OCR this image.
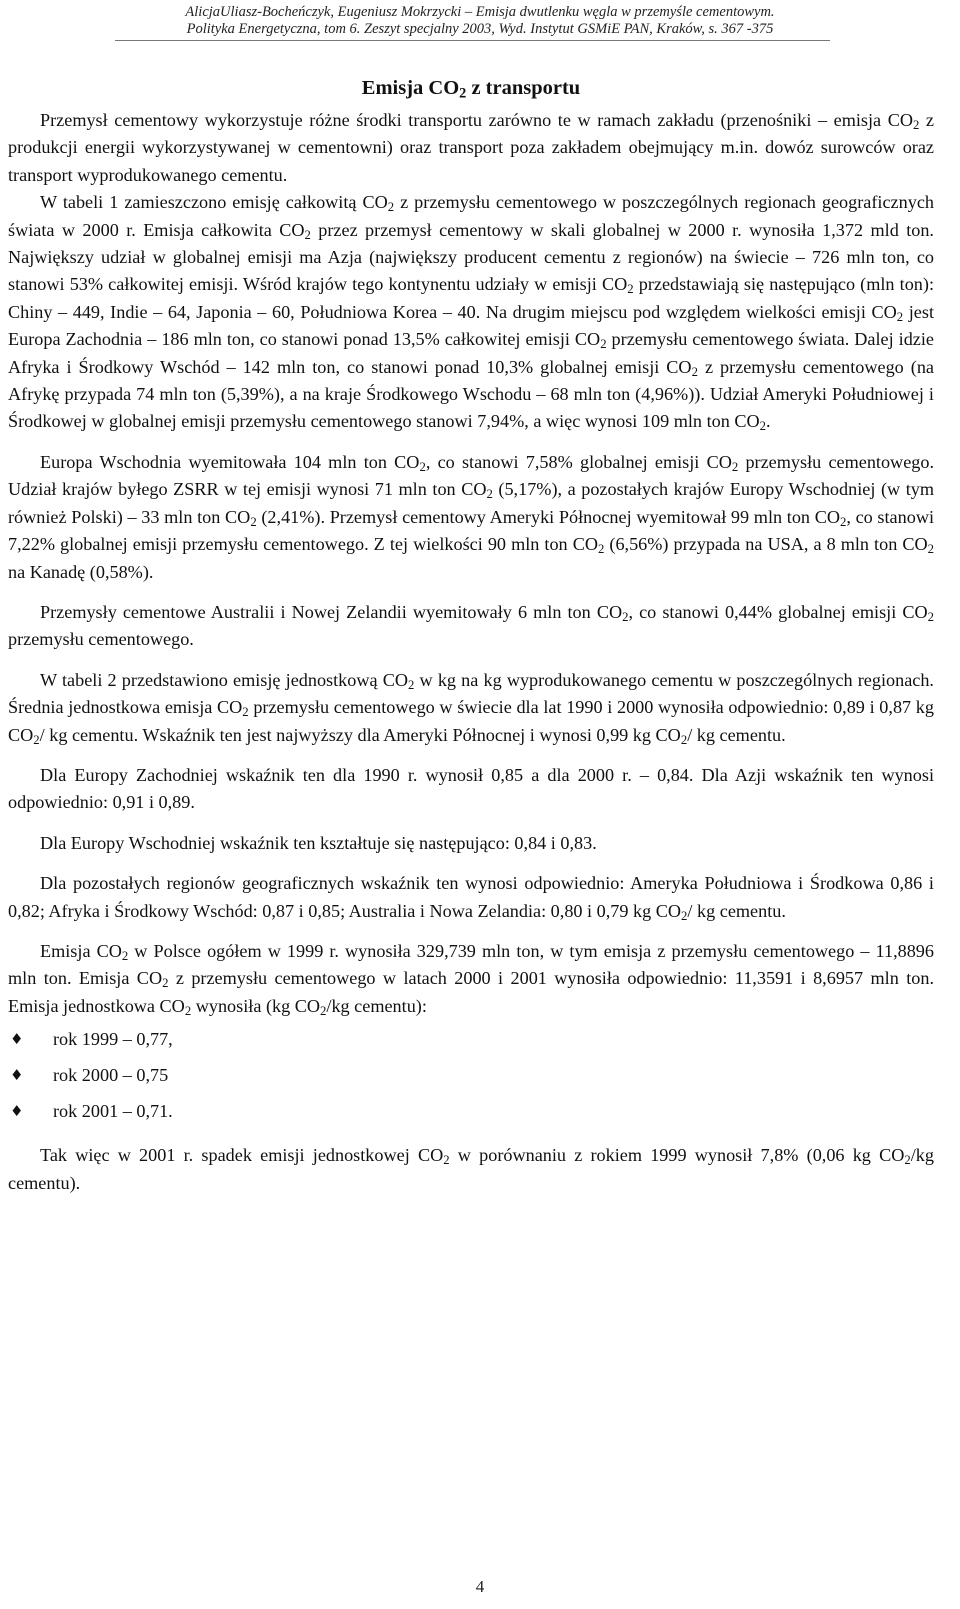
AlicjaUliasz-Bocheńczyk, Eugeniusz Mokrzycki – Emisja dwutlenku węgla w przemyśle cementowym.
Polityka Energetyczna, tom 6. Zeszyt specjalny 2003, Wyd. Instytut GSMiE PAN, Kraków, s. 367 -375
Emisja $CO_2$ z transportu

Przemysł cementowy wykorzystuje różne środki transportu zarówno te w ramach zakładu (przenośniki – emisja $CO_2$ z produkcji energii wykorzystywanej w cementowni) oraz transport poza zakładem obejmujący m.in. dowóz surowców oraz transport wyprodukowanego cementu.

W tabeli 1 zamieszczono emisję całkowitą $CO_2$ z przemysłu cementowego w poszczególnych regionach geograficznych świata w 2000 r. Emisja całkowita $CO_2$ przez przemysł cementowy w skali globalnej w 2000 r. wynosiła 1,372 mld ton. Największy udział w globalnej emisji ma Azja (największy producent cementu z regionów) na świecie – 726 mln ton, co stanowi 53% całkowitej emisji. Wśród krajów tego kontynentu udziały w emisji $CO_2$ przedstawiają się następująco (mln ton): Chiny – 449, Indie – 64, Japonia – 60, Południowa Korea – 40. Na drugim miejscu pod względem wielkości emisji $CO_2$ jest Europa Zachodnia – 186 mln ton, co stanowi ponad 13,5% całkowitej emisji $CO_2$ przemysłu cementowego świata. Dalej idzie Afryka i Środkowy Wschód – 142 mln ton, co stanowi ponad 10,3% globalnej emisji $CO_2$ z przemysłu cementowego (na Afrykę przypada 74 mln ton (5,39%), a na kraje Środkowego Wschodu – 68 mln ton (4,96%)). Udział Ameryki Południowej i Środkowej w globalnej emisji przemysłu cementowego stanowi 7,94%, a więc wynosi 109 mln ton $CO_2$.

Europa Wschodnia wyemitowała 104 mln ton $CO_2$, co stanowi 7,58% globalnej emisji $CO_2$ przemysłu cementowego. Udział krajów byłego ZSRR w tej emisji wynosi 71 mln ton $CO_2$ (5,17%), a pozostałych krajów Europy Wschodniej (w tym również Polski) – 33 mln ton $CO_2$ (2,41%). Przemysł cementowy Ameryki Północnej wyemitował 99 mln ton $CO_2$, co stanowi 7,22% globalnej emisji przemysłu cementowego. Z tej wielkości 90 mln ton $CO_2$ (6,56%) przypada na USA, a 8 mln ton $CO_2$ na Kanadę (0,58%).

Przemysły cementowe Australii i Nowej Zelandii wyemitowały 6 mln ton $CO_2$, co stanowi 0,44% globalnej emisji $CO_2$ przemysłu cementowego.

W tabeli 2 przedstawiono emisję jednostkową $CO_2$ w kg na kg wyprodukowanego cementu w poszczególnych regionach. Średnia jednostkowa emisja $CO_2$ przemysłu cementowego w świecie dla lat 1990 i 2000 wynosiła odpowiednio: 0,89 i 0,87 kg $CO_2/$ kg cementu. Wskaźnik ten jest najwyższy dla Ameryki Północnej i wynosi 0,99 kg $CO_2/$ kg cementu.

Dla Europy Zachodniej wskaźnik ten dla 1990 r. wynosił 0,85 a dla 2000 r. – 0,84. Dla Azji wskaźnik ten wynosi odpowiednio: 0,91 i 0,89.

Dla Europy Wschodniej wskaźnik ten kształtuje się następująco: 0,84 i 0,83.

Dla pozostałych regionów geograficznych wskaźnik ten wynosi odpowiednio: Ameryka Południowa i Środkowa 0,86 i 0,82; Afryka i Środkowy Wschód: 0,87 i 0,85; Australia i Nowa Zelandia: 0,80 i 0,79 kg $CO_2/$ kg cementu.

Emisja $CO_2$ w Polsce ogółem w 1999 r. wynosiła 329,739 mln ton, w tym emisja z przemysłu cementowego – 11,8896 mln ton. Emisja $CO_2$ z przemysłu cementowego w latach 2000 i 2001 wynosiła odpowiednio: 11,3591 i 8,6957 mln ton. Emisja jednostkowa $CO_2$ wynosiła (kg $CO_2/kg$ cementu):

♦ rok 1999 – 0,77,
♦ rok 2000 – 0,75
♦ rok 2001 – 0,71.

Tak więc w 2001 r. spadek emisji jednostkowej $CO_2$ w porównaniu z rokiem 1999 wynosił 7,8% (0,06 kg $CO_2/kg$ cementu).

4
